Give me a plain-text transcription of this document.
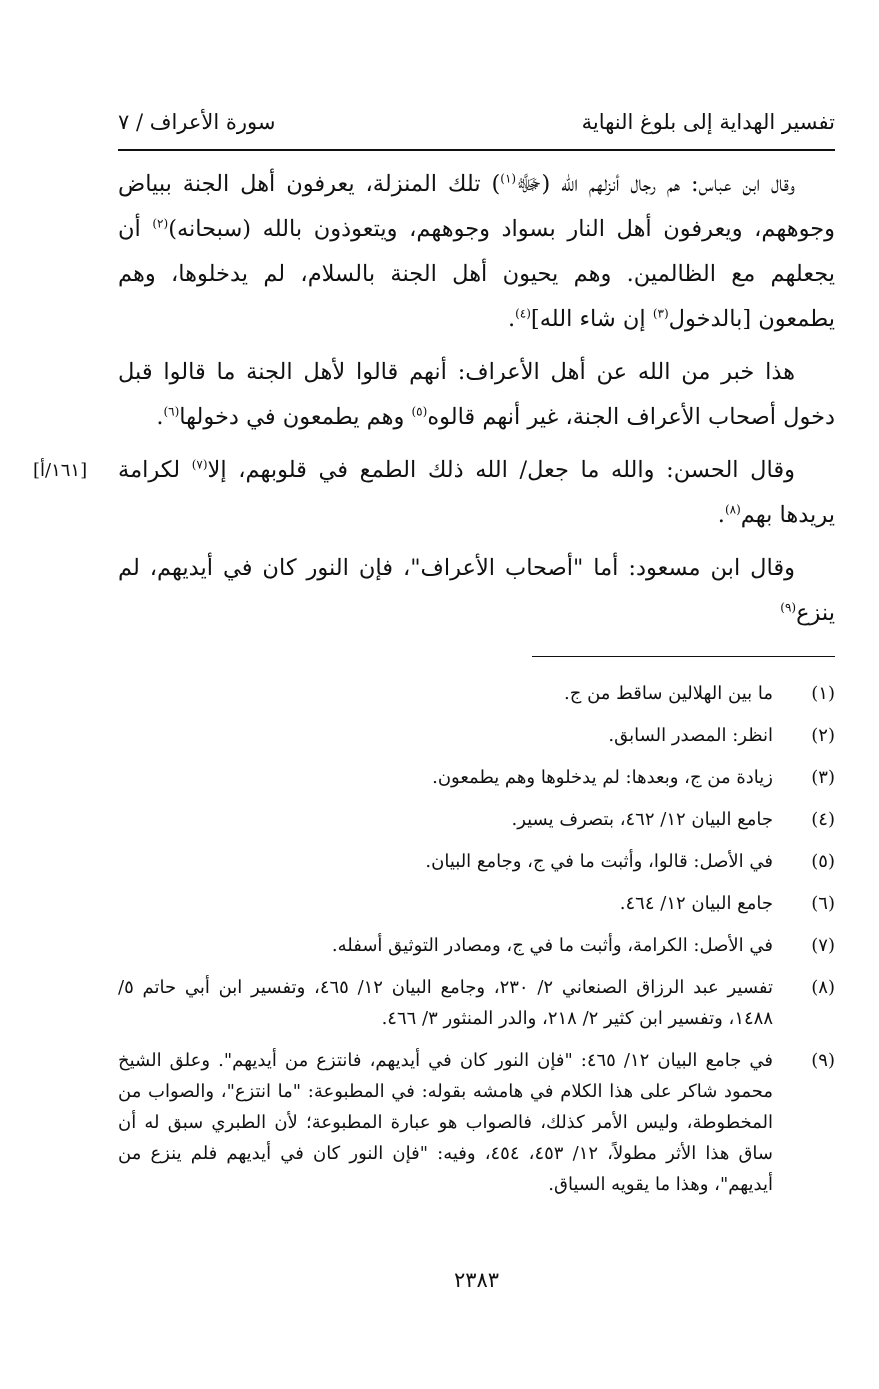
تفسير الهداية إلى بلوغ النهاية
سورة الأعراف / ٧

وقال ابن عباس: هم رجال أنزلهم الله (ﷻ$^{(١)}$) تلك المنزلة، يعرفون أهل الجنة ببياض وجوههم، ويعرفون أهل النار بسواد وجوههم، ويتعوذون بالله (سبحانه)$^{(٢)}$ أن يجعلهم مع الظالمين. وهم يحيون أهل الجنة بالسلام، لم يدخلوها، وهم يطمعون [بالدخول$^{(٣)}$ إن شاء الله]$^{(٤)}$.

هذا خبر من الله عن أهل الأعراف: أنهم قالوا لأهل الجنة ما قالوا قبل دخول أصحاب الأعراف الجنة، غير أنهم قالوه$^{(٥)}$ وهم يطمعون في دخولها$^{(٦)}$.

[١٦١/أ]	وقال الحسن: والله ما جعل/ الله ذلك الطمع في قلوبهم، إلا$^{(٧)}$ لكرامة يريدها بهم$^{(٨)}$.

وقال ابن مسعود: أما "أصحاب الأعراف"، فإن النور كان في أيديهم، لم ينزع$^{(٩)}$

(١)
ما بين الهلالين ساقط من ج.
(٢)
انظر: المصدر السابق.
(٣)
زيادة من ج، وبعدها: لم يدخلوها وهم يطمعون.
(٤)
جامع البيان ١٢/ ٤٦٢، بتصرف يسير.
(٥)
في الأصل: قالوا، وأثبت ما في ج، وجامع البيان.
(٦)
جامع البيان ١٢/ ٤٦٤.
(٧)
في الأصل: الكرامة، وأثبت ما في ج، ومصادر التوثيق أسفله.
(٨)
تفسير عبد الرزاق الصنعاني ٢/ ٢٣٠، وجامع البيان ١٢/ ٤٦٥، وتفسير ابن أبي حاتم ٥/ ١٤٨٨، وتفسير ابن كثير ٢/ ٢١٨، والدر المنثور ٣/ ٤٦٦.
(٩)
في جامع البيان ١٢/ ٤٦٥: "فإن النور كان في أيديهم، فانتزع من أيديهم". وعلق الشيخ محمود شاكر على هذا الكلام في هامشه بقوله: في المطبوعة: "ما انتزع"، والصواب من المخطوطة، وليس الأمر كذلك، فالصواب هو عبارة المطبوعة؛ لأن الطبري سبق له أن ساق هذا الأثر مطولاً، ١٢/ ٤٥٣، ٤٥٤، وفيه: "فإن النور كان في أيديهم فلم ينزع من أيديهم"، وهذا ما يقويه السياق.
٢٣٨٣
